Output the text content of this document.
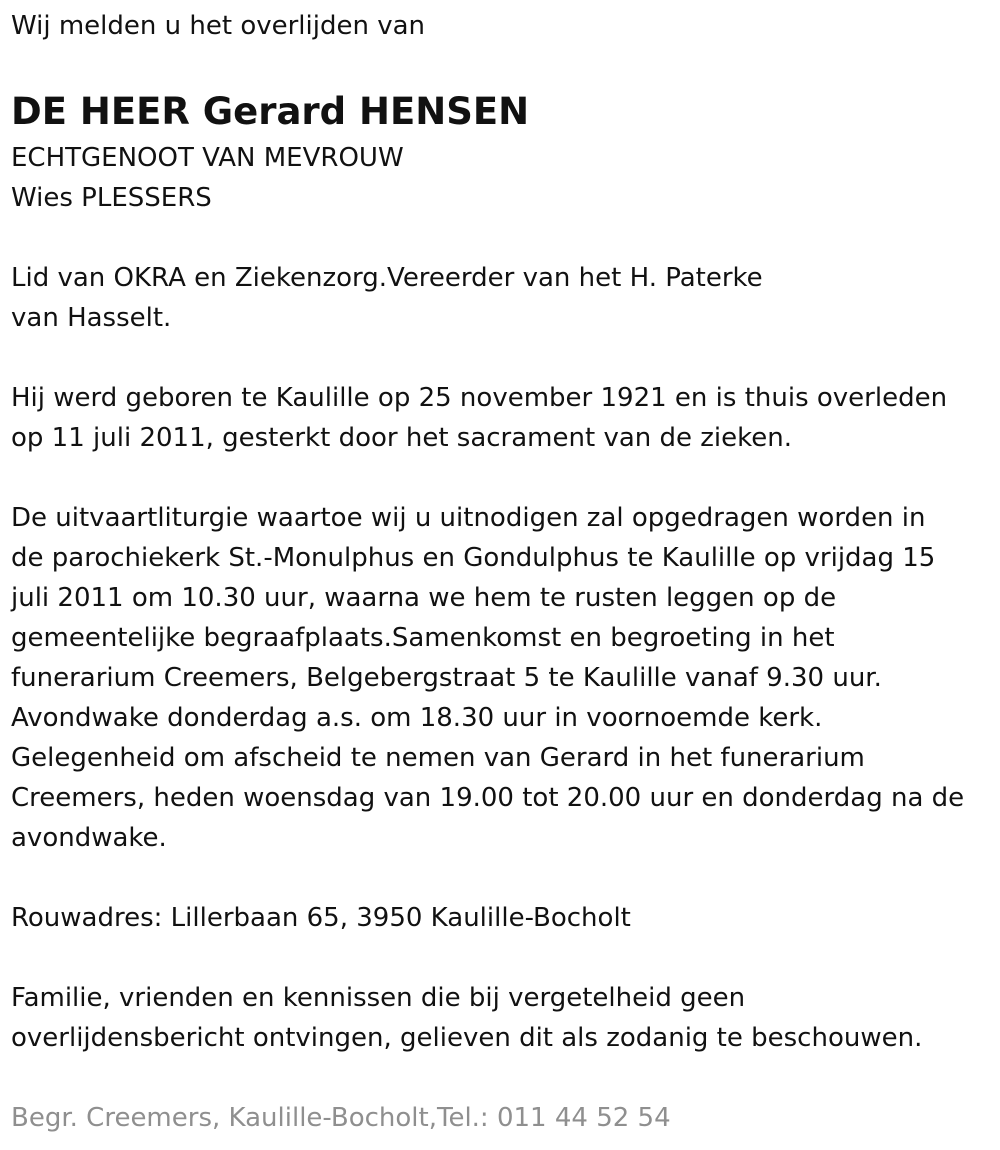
Wij melden u het overlijden van

DE HEER Gerard HENSEN

ECHTGENOOT VAN MEVROUW

Wies PLESSERS

Lid van OKRA en Ziekenzorg.Vereerder van het H. Paterke

van Hasselt.

Hij werd geboren te Kaulille op 25 november 1921 en is thuis overleden

op 11 juli 2011, gesterkt door het sacrament van de zieken.

De uitvaartliturgie waartoe wij u uitnodigen zal opgedragen worden in

de parochiekerk St.-Monulphus en Gondulphus te Kaulille op vrijdag 15

juli 2011 om 10.30 uur, waarna we hem te rusten leggen op de

gemeentelijke begraafplaats.Samenkomst en begroeting in het

funerarium Creemers, Belgebergstraat 5 te Kaulille vanaf 9.30 uur.

Avondwake donderdag a.s. om 18.30 uur in voornoemde kerk.

Gelegenheid om afscheid te nemen van Gerard in het funerarium

Creemers, heden woensdag van 19.00 tot 20.00 uur en donderdag na de

avondwake.

Rouwadres: Lillerbaan 65, 3950 Kaulille-Bocholt

Familie, vrienden en kennissen die bij vergetelheid geen

overlijdensbericht ontvingen, gelieven dit als zodanig te beschouwen.

Begr. Creemers, Kaulille-Bocholt,Tel.: 011 44 52 54
